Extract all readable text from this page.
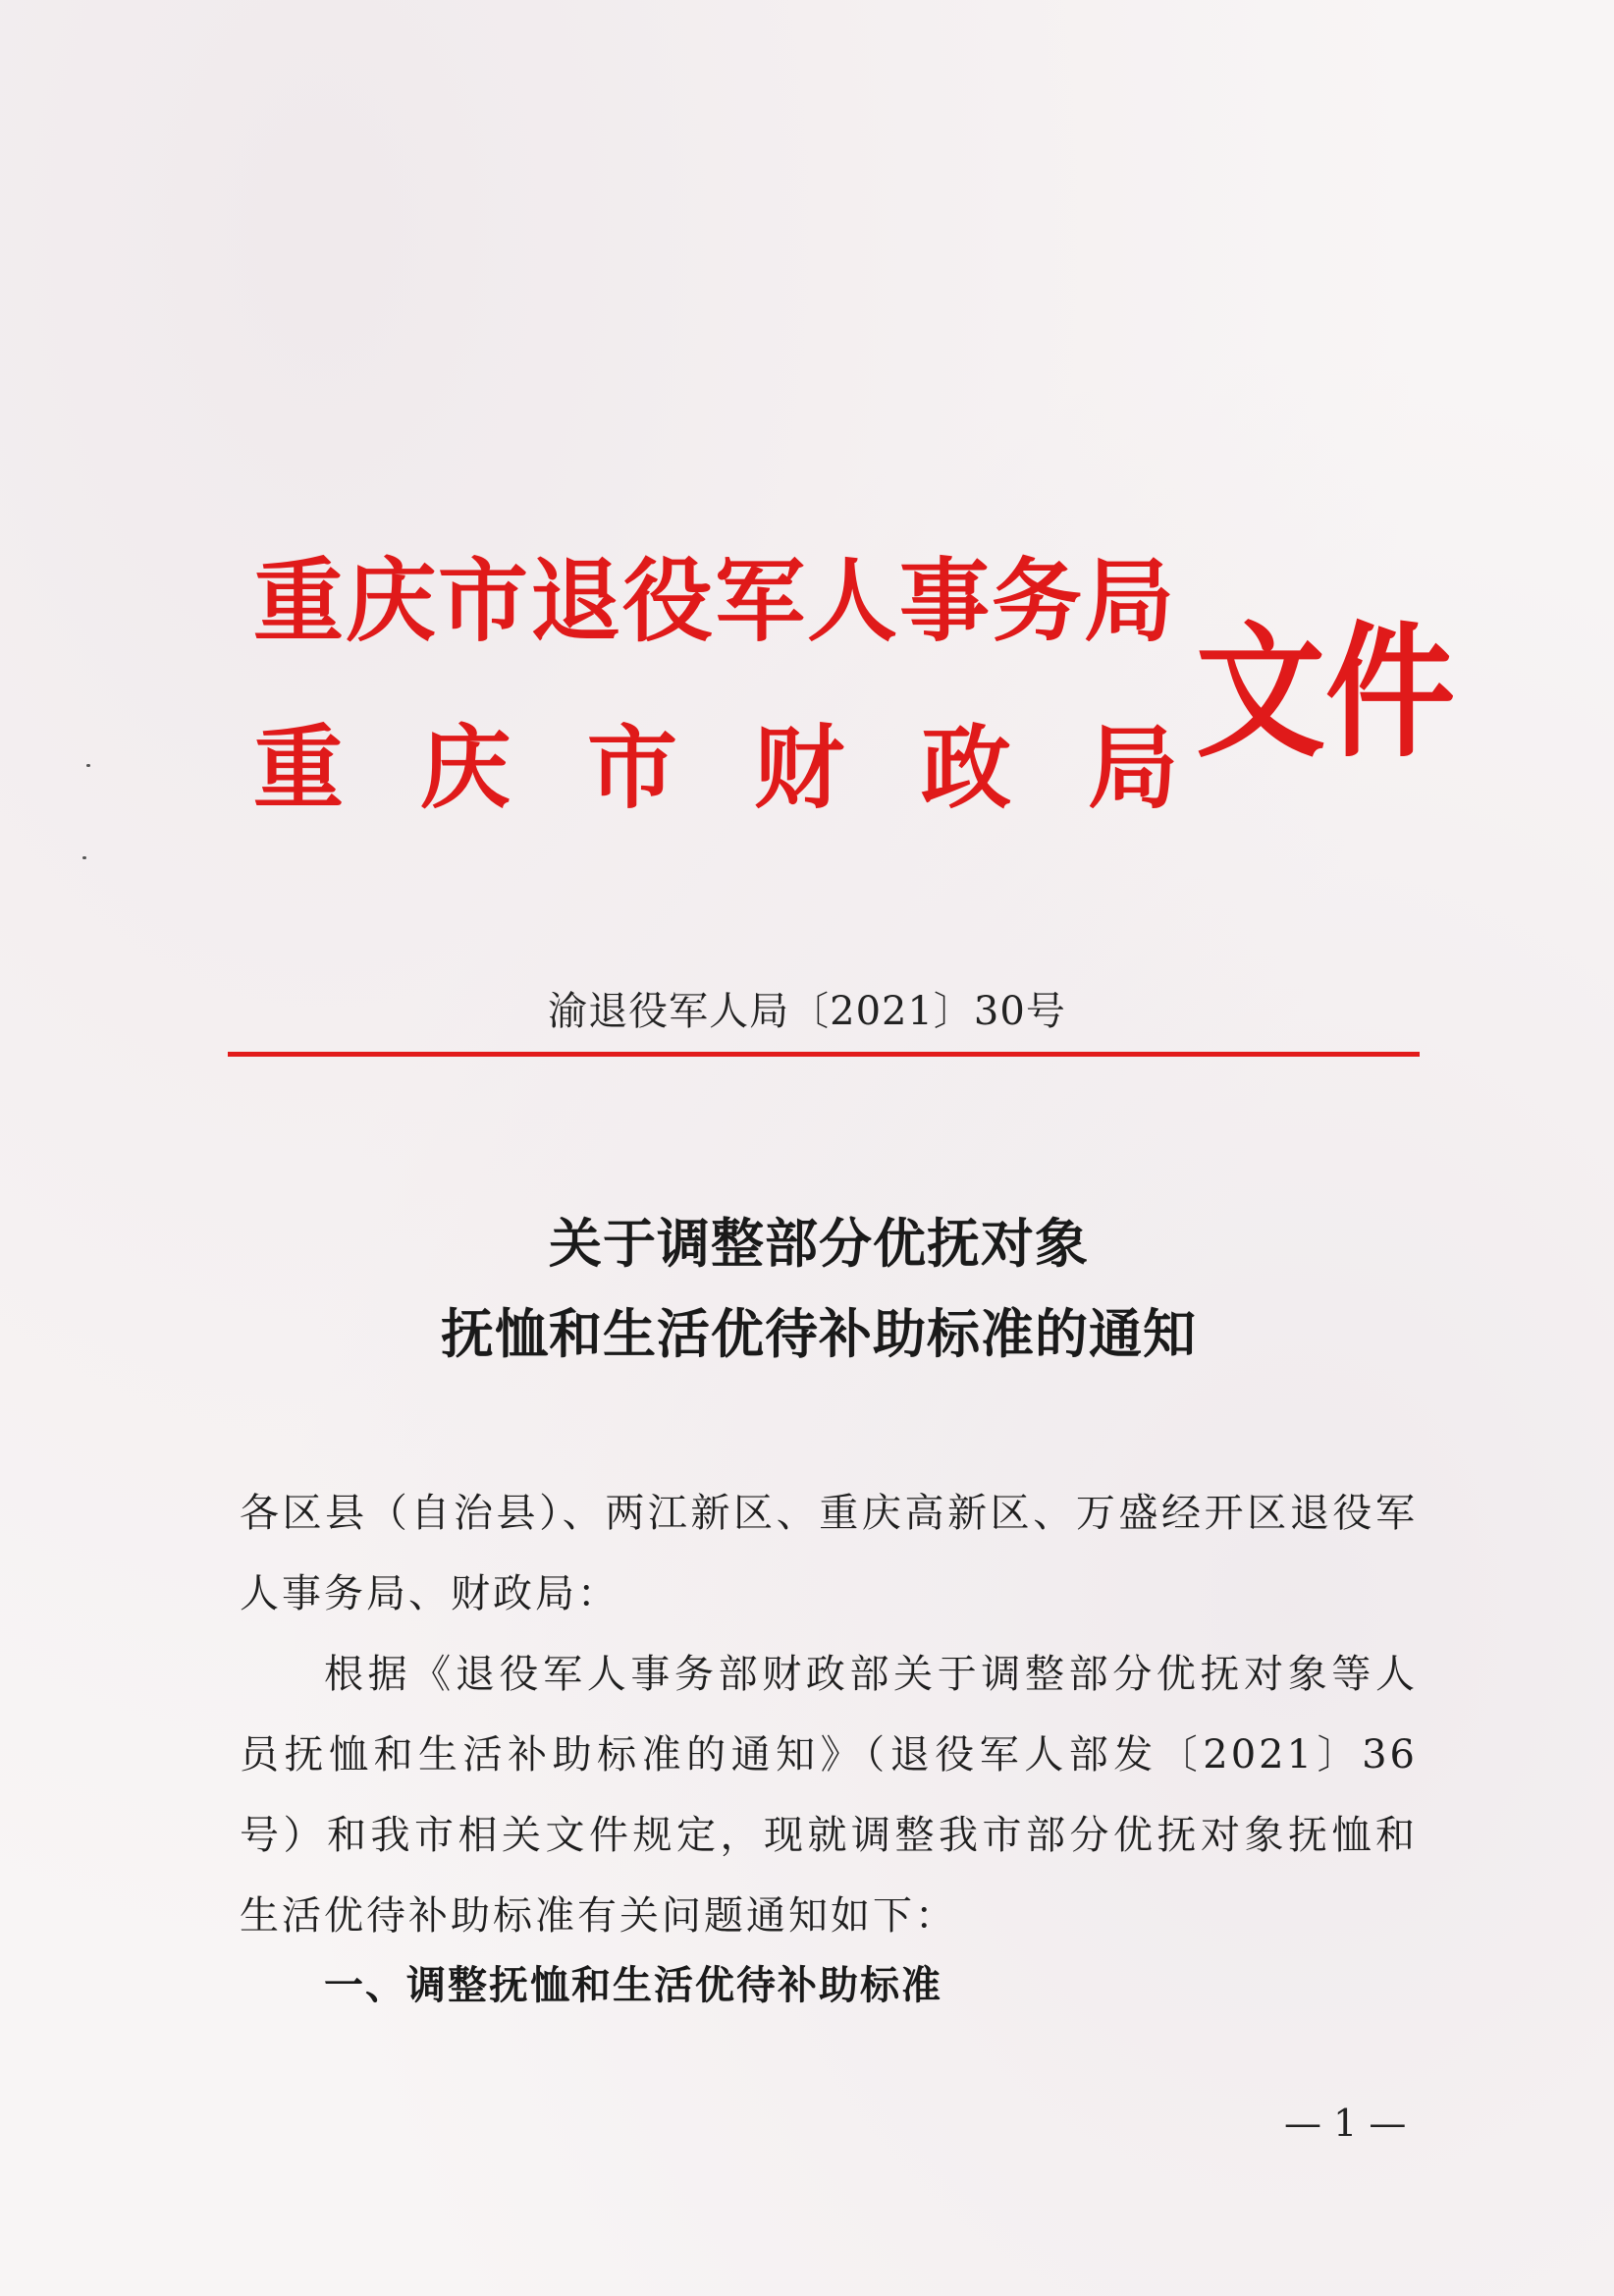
重庆市退役军人事务局
重庆市财政局
文件
渝退役军人局〔2021〕30号
关于调整部分优抚对象
抚恤和生活优待补助标准的通知

各区县（自治县）、两江新区、重庆高新区、万盛经开区退役军人事务局、财政局：

根据《退役军人事务部财政部关于调整部分优抚对象等人员抚恤和生活补助标准的通知》（退役军人部发〔2021〕36号）和我市相关文件规定，现就调整我市部分优抚对象抚恤和生活优待补助标准有关问题通知如下：

一、调整抚恤和生活优待补助标准
— 1 —
